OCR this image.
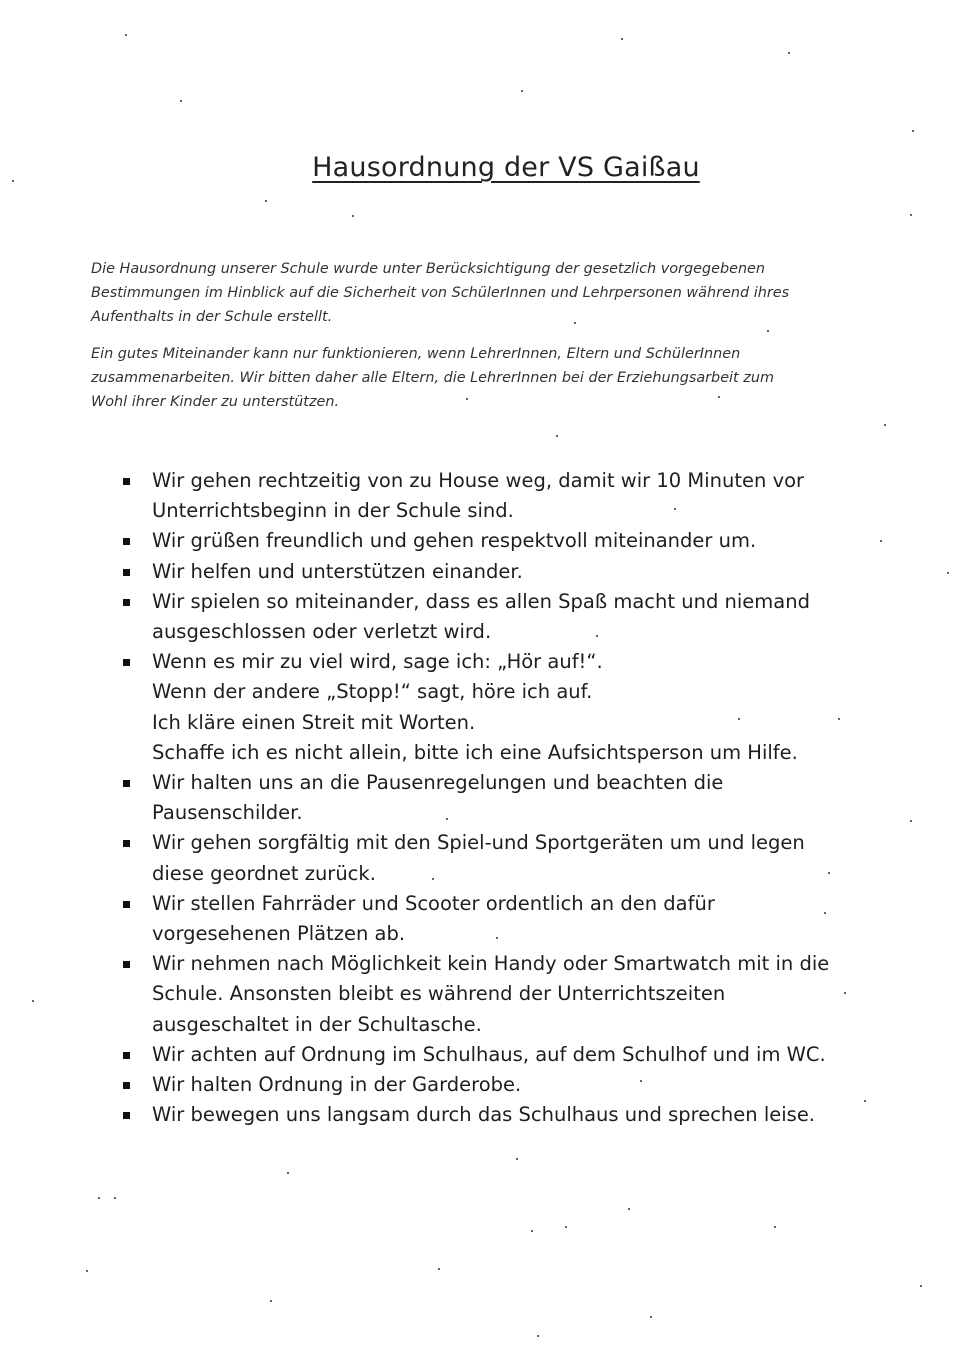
Hausordnung der VS Gaißau

Die Hausordnung unserer Schule wurde unter Berücksichtigung der gesetzlich vorgegebenen
Bestimmungen im Hinblick auf die Sicherheit von SchülerInnen und Lehrpersonen während ihres
Aufenthalts in der Schule erstellt.

Ein gutes Miteinander kann nur funktionieren, wenn LehrerInnen, Eltern und SchülerInnen
zusammenarbeiten. Wir bitten daher alle Eltern, die LehrerInnen bei der Erziehungsarbeit zum
Wohl ihrer Kinder zu unterstützen.

Wir gehen rechtzeitig von zu House weg, damit wir 10 Minuten vor
Unterrichtsbeginn in der Schule sind.
Wir grüßen freundlich und gehen respektvoll miteinander um.
Wir helfen und unterstützen einander.
Wir spielen so miteinander, dass es allen Spaß macht und niemand
ausgeschlossen oder verletzt wird.
Wenn es mir zu viel wird, sage ich: „Hör auf!“.
Wenn der andere „Stopp!“ sagt, höre ich auf.
Ich kläre einen Streit mit Worten.
Schaffe ich es nicht allein, bitte ich eine Aufsichtsperson um Hilfe.
Wir halten uns an die Pausenregelungen und beachten die
Pausenschilder.
Wir gehen sorgfältig mit den Spiel-und Sportgeräten um und legen
diese geordnet zurück.
Wir stellen Fahrräder und Scooter ordentlich an den dafür
vorgesehenen Plätzen ab.
Wir nehmen nach Möglichkeit kein Handy oder Smartwatch mit in die
Schule. Ansonsten bleibt es während der Unterrichtszeiten
ausgeschaltet in der Schultasche.
Wir achten auf Ordnung im Schulhaus, auf dem Schulhof und im WC.
Wir halten Ordnung in der Garderobe.
Wir bewegen uns langsam durch das Schulhaus und sprechen leise.
